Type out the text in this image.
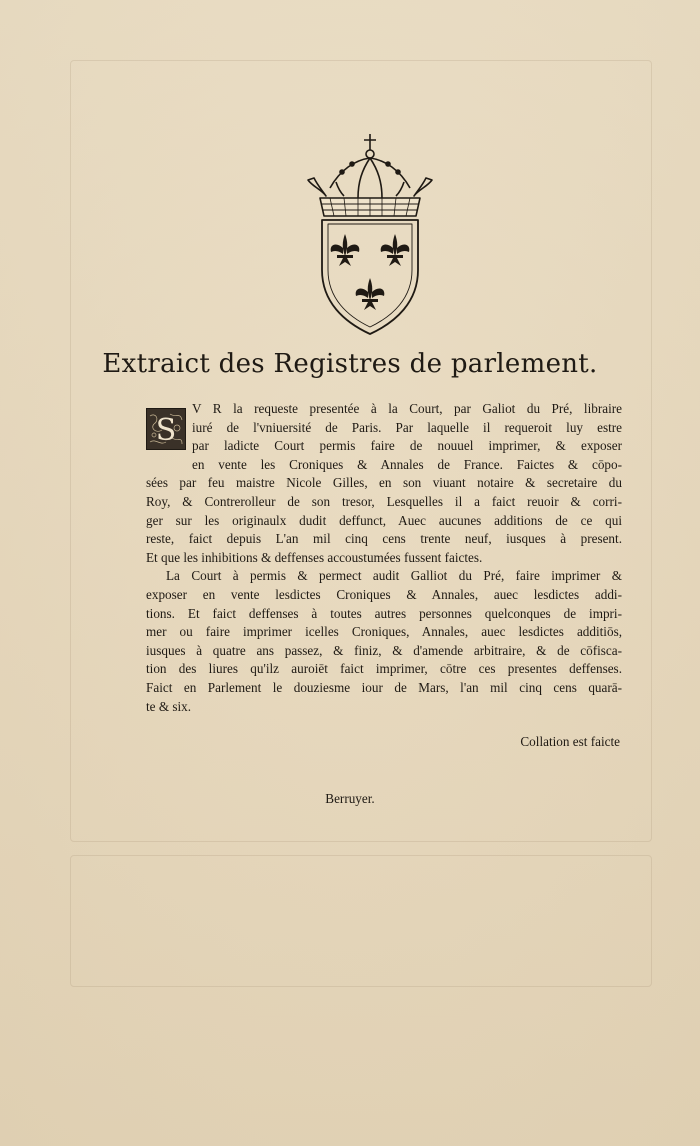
Extraict des Registres de parlement.
S
V R la requeste presentée à la Court, par Galiot du Pré, libraire
iuré de l'vniuersité de Paris. Par laquelle il requeroit luy estre
par ladicte Court permis faire de nouuel imprimer, & exposer
en vente les Croniques & Annales de France. Faictes & cōpo-
sées par feu maistre Nicole Gilles, en son viuant notaire & secretaire du
Roy, & Contrerolleur de son tresor, Lesquelles il a faict reuoir & corri-
ger sur les originaulx dudit deffunct, Auec aucunes additions de ce qui
reste, faict depuis L'an mil cinq cens trente neuf, iusques à present.
Et que les inhibitions & deffenses accoustumées fussent faictes.
La Court à permis & permect audit Galliot du Pré, faire imprimer &
exposer en vente lesdictes Croniques & Annales, auec lesdictes addi-
tions. Et faict deffenses à toutes autres personnes quelconques de impri-
mer ou faire imprimer icelles Croniques, Annales, auec lesdictes additiōs,
iusques à quatre ans passez, & finiz, & d'amende arbitraire, & de cōfisca-
tion des liures qu'ilz auroiēt faict imprimer, cōtre ces presentes deffenses.
Faict en Parlement le douziesme iour de Mars, l'an mil cinq cens quarā-
te & six.
Collation est faicte
Berruyer.
